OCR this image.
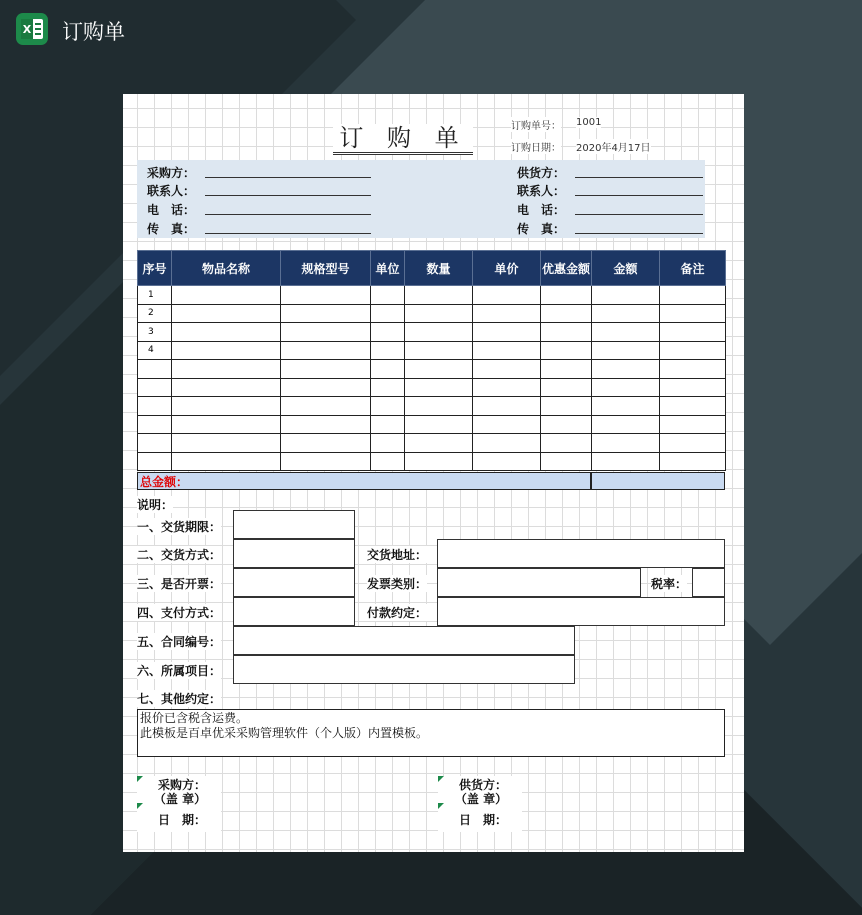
X 订购单
订 购 单	订购单号： 1001
订购日期： 2020年4月17日
采购方：
联系人：
电　话：
传　真：
供货方：
联系人：
电　话：
传　真：
序号	物品名称	规格型号	单位	数量	单价	优惠金额	金额	备注
1								
2								
3								
4								

总金额：
说明：
一、交货期限：
二、交货方式：	交货地址：
三、是否开票：	发票类别：	税率：
四、支付方式：	付款约定：
五、合同编号：
六、所属项目：
七、其他约定：
报价已含税含运费。
此模板是百卓优采采购管理软件（个人版）内置模板。
采购方：
（盖 章）
日　期：
供货方：
（盖 章）
日　期：
